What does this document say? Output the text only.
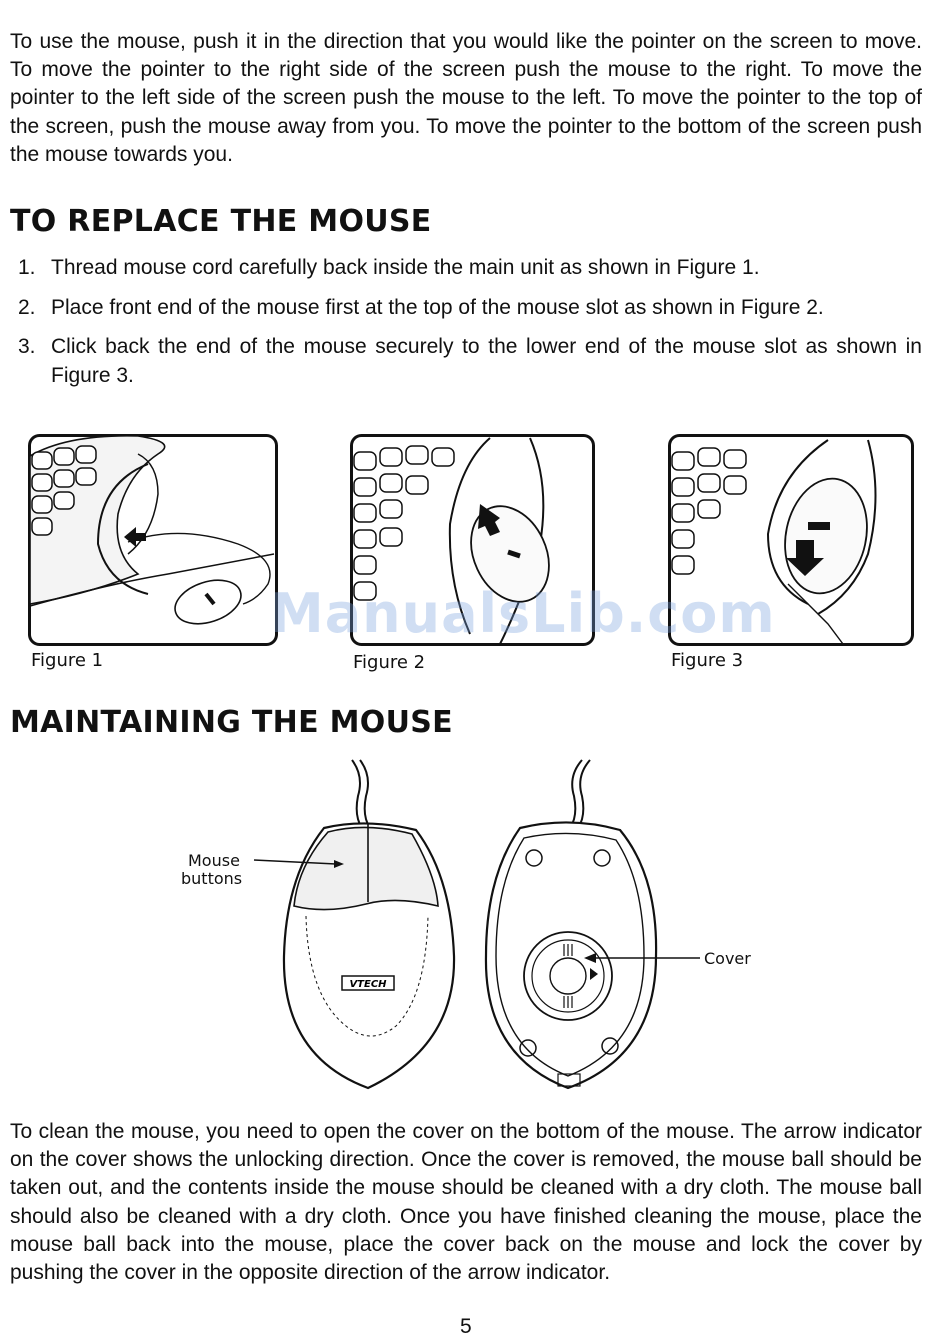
To use the mouse, push it in the direction that you would like the pointer on the screen to move. To move the pointer to the right side of the screen push the mouse to the right. To move the pointer to the left side of the screen push the mouse to the left. To move the pointer to the top of the screen, push the mouse away from you. To move the pointer to the bottom of the screen push the mouse towards you.

TO REPLACE THE MOUSE
1. Thread mouse cord carefully back inside the main unit as shown in Figure 1.
2. Place front end of the mouse first at the top of the mouse slot as shown in Figure 2.
3. Click back the end of the mouse securely to the lower end of the mouse slot as shown in Figure 3.
Figure 1	Figure 2	Figure 3
ManualsLib.com
MAINTAINING THE MOUSE
VTECH
Mouse
buttons
Cover

To clean the mouse, you need to open the cover on the bottom of the mouse. The arrow indicator on the cover shows the unlocking direction. Once the cover is removed, the mouse ball should be taken out, and the contents inside the mouse should be cleaned with a dry cloth. The mouse ball should also be cleaned with a dry cloth. Once you have finished cleaning the mouse, place the mouse ball back into the mouse, place the cover back on the mouse and lock the cover by pushing the cover in the opposite direction of the arrow indicator.

5
